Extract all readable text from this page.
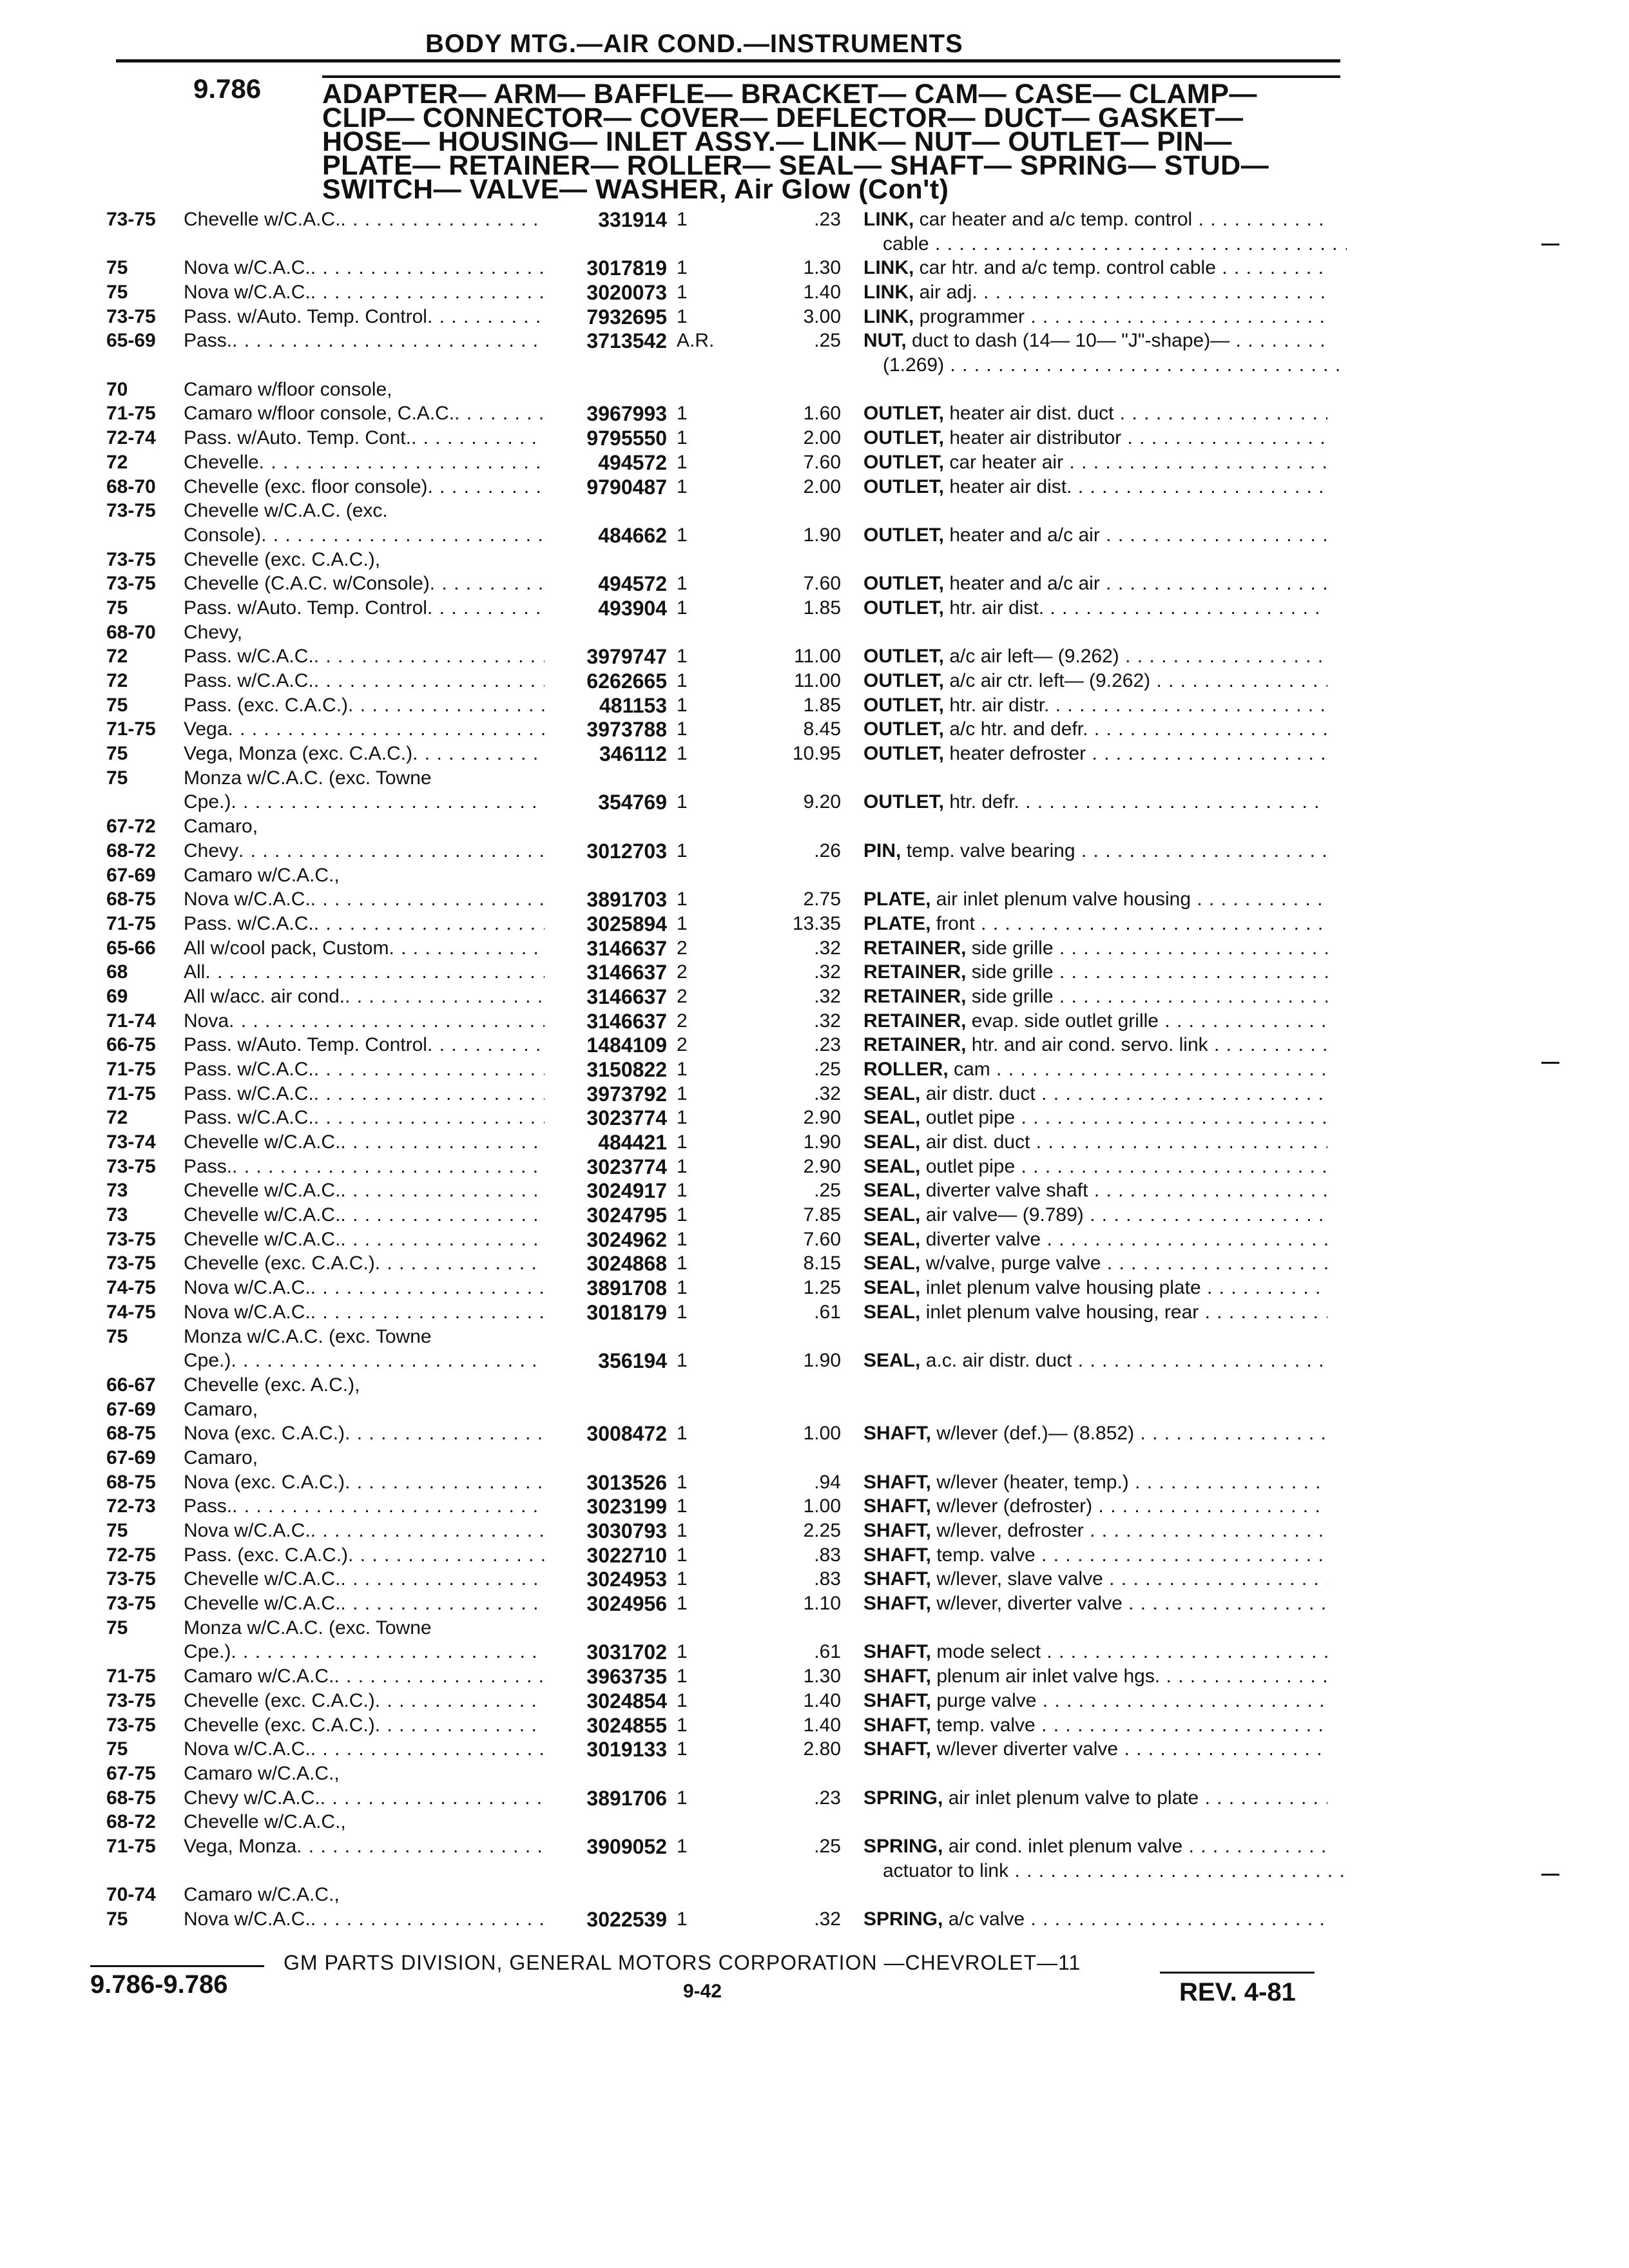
BODY MTG.—AIR COND.—INSTRUMENTS
9.786 ADAPTER— ARM— BAFFLE— BRACKET— CAM— CASE— CLAMP—
CLIP— CONNECTOR— COVER— DEFLECTOR— DUCT— GASKET—
HOSE— HOUSING— INLET ASSY.— LINK— NUT— OUTLET— PIN—
PLATE— RETAINER— ROLLER— SEAL— SHAFT— SPRING— STUD—
SWITCH— VALVE— WASHER, Air Glow (Con't)
73-75	Chevelle w/C.A.C. . . .	331914 1	.23 LINK, car heater and a/c temp. control . . .
cable . . .
75	Nova w/C.A.C. . . .	3017819 1	1.30 LINK, car htr. and a/c temp. control cable . . .
75	Nova w/C.A.C. . . .	3020073 1	1.40 LINK, air adj. . . .
73-75	Pass. w/Auto. Temp. Control . . .	7932695 1	3.00 LINK, programmer . . .
65-69	Pass. . . .	3713542 A.R.	.25 NUT, duct to dash (14— 10— "J"-shape)— . . .
(1.269) . . .
70	Camaro w/floor console,
71-75	Camaro w/floor console, C.A.C. . . .	3967993 1	1.60 OUTLET, heater air dist. duct . . .
72-74	Pass. w/Auto. Temp. Cont. . . .	9795550 1	2.00 OUTLET, heater air distributor . . .
72	Chevelle . . .	494572 1	7.60 OUTLET, car heater air . . .
68-70	Chevelle (exc. floor console) . . .	9790487 1	2.00 OUTLET, heater air dist. . . .
73-75	Chevelle w/C.A.C. (exc.
Console) . . .	484662 1	1.90 OUTLET, heater and a/c air . . .
73-75	Chevelle (exc. C.A.C.),
73-75	Chevelle (C.A.C. w/Console) . . .	494572 1	7.60 OUTLET, heater and a/c air . . .
75	Pass. w/Auto. Temp. Control . . .	493904 1	1.85 OUTLET, htr. air dist. . . .
68-70	Chevy,
72	Pass. w/C.A.C. . . .	3979747 1	11.00 OUTLET, a/c air left— (9.262) . . .
72	Pass. w/C.A.C. . . .	6262665 1	11.00 OUTLET, a/c air ctr. left— (9.262) . . .
75	Pass. (exc. C.A.C.) . . .	481153 1	1.85 OUTLET, htr. air distr. . . .
71-75	Vega . . .	3973788 1	8.45 OUTLET, a/c htr. and defr. . . .
75	Vega, Monza (exc. C.A.C.) . . .	346112 1	10.95 OUTLET, heater defroster . . .
75	Monza w/C.A.C. (exc. Towne
Cpe.) . . .	354769 1	9.20 OUTLET, htr. defr. . . .
67-72	Camaro,
68-72	Chevy . . .	3012703 1	.26 PIN, temp. valve bearing . . .
67-69	Camaro w/C.A.C.,
68-75	Nova w/C.A.C. . . .	3891703 1	2.75 PLATE, air inlet plenum valve housing . . .
71-75	Pass. w/C.A.C. . . .	3025894 1	13.35 PLATE, front . . .
65-66	All w/cool pack, Custom . . .	3146637 2	.32 RETAINER, side grille . . .
68	All . . .	3146637 2	.32 RETAINER, side grille . . .
69	All w/acc. air cond. . . .	3146637 2	.32 RETAINER, side grille . . .
71-74	Nova . . .	3146637 2	.32 RETAINER, evap. side outlet grille . . .
66-75	Pass. w/Auto. Temp. Control . . .	1484109 2	.23 RETAINER, htr. and air cond. servo. link . . .
71-75	Pass. w/C.A.C. . . .	3150822 1	.25 ROLLER, cam . . .
71-75	Pass. w/C.A.C. . . .	3973792 1	.32 SEAL, air distr. duct . . .
72	Pass. w/C.A.C. . . .	3023774 1	2.90 SEAL, outlet pipe . . .
73-74	Chevelle w/C.A.C. . . .	484421 1	1.90 SEAL, air dist. duct . . .
73-75	Pass. . . .	3023774 1	2.90 SEAL, outlet pipe . . .
73	Chevelle w/C.A.C. . . .	3024917 1	.25 SEAL, diverter valve shaft . . .
73	Chevelle w/C.A.C. . . .	3024795 1	7.85 SEAL, air valve— (9.789) . . .
73-75	Chevelle w/C.A.C. . . .	3024962 1	7.60 SEAL, diverter valve . . .
73-75	Chevelle (exc. C.A.C.) . . .	3024868 1	8.15 SEAL, w/valve, purge valve . . .
74-75	Nova w/C.A.C. . . .	3891708 1	1.25 SEAL, inlet plenum valve housing plate . . .
74-75	Nova w/C.A.C. . . .	3018179 1	.61 SEAL, inlet plenum valve housing, rear . . .
75	Monza w/C.A.C. (exc. Towne
Cpe.) . . .	356194 1	1.90 SEAL, a.c. air distr. duct . . .
66-67	Chevelle (exc. A.C.),
67-69	Camaro,
68-75	Nova (exc. C.A.C.) . . .	3008472 1	1.00 SHAFT, w/lever (def.)— (8.852) . . .
67-69	Camaro,
68-75	Nova (exc. C.A.C.) . . .	3013526 1	.94 SHAFT, w/lever (heater, temp.) . . .
72-73	Pass. . . .	3023199 1	1.00 SHAFT, w/lever (defroster) . . .
75	Nova w/C.A.C. . . .	3030793 1	2.25 SHAFT, w/lever, defroster . . .
72-75	Pass. (exc. C.A.C.) . . .	3022710 1	.83 SHAFT, temp. valve . . .
73-75	Chevelle w/C.A.C. . . .	3024953 1	.83 SHAFT, w/lever, slave valve . . .
73-75	Chevelle w/C.A.C. . . .	3024956 1	1.10 SHAFT, w/lever, diverter valve . . .
75	Monza w/C.A.C. (exc. Towne
Cpe.) . . .	3031702 1	.61 SHAFT, mode select . . .
71-75	Camaro w/C.A.C. . . .	3963735 1	1.30 SHAFT, plenum air inlet valve hgs. . . .
73-75	Chevelle (exc. C.A.C.) . . .	3024854 1	1.40 SHAFT, purge valve . . .
73-75	Chevelle (exc. C.A.C.) . . .	3024855 1	1.40 SHAFT, temp. valve . . .
75	Nova w/C.A.C. . . .	3019133 1	2.80 SHAFT, w/lever diverter valve . . .
67-75	Camaro w/C.A.C.,
68-75	Chevy w/C.A.C. . . .	3891706 1	.23 SPRING, air inlet plenum valve to plate . . .
68-72	Chevelle w/C.A.C.,
71-75	Vega, Monza . . .	3909052 1	.25 SPRING, air cond. inlet plenum valve . . .
actuator to link . . .
70-74	Camaro w/C.A.C.,
75	Nova w/C.A.C. . . .	3022539 1	.32 SPRING, a/c valve . . .
GM PARTS DIVISION, GENERAL MOTORS CORPORATION —CHEVROLET—11
9.786-9.786	9-42	REV. 4-81
